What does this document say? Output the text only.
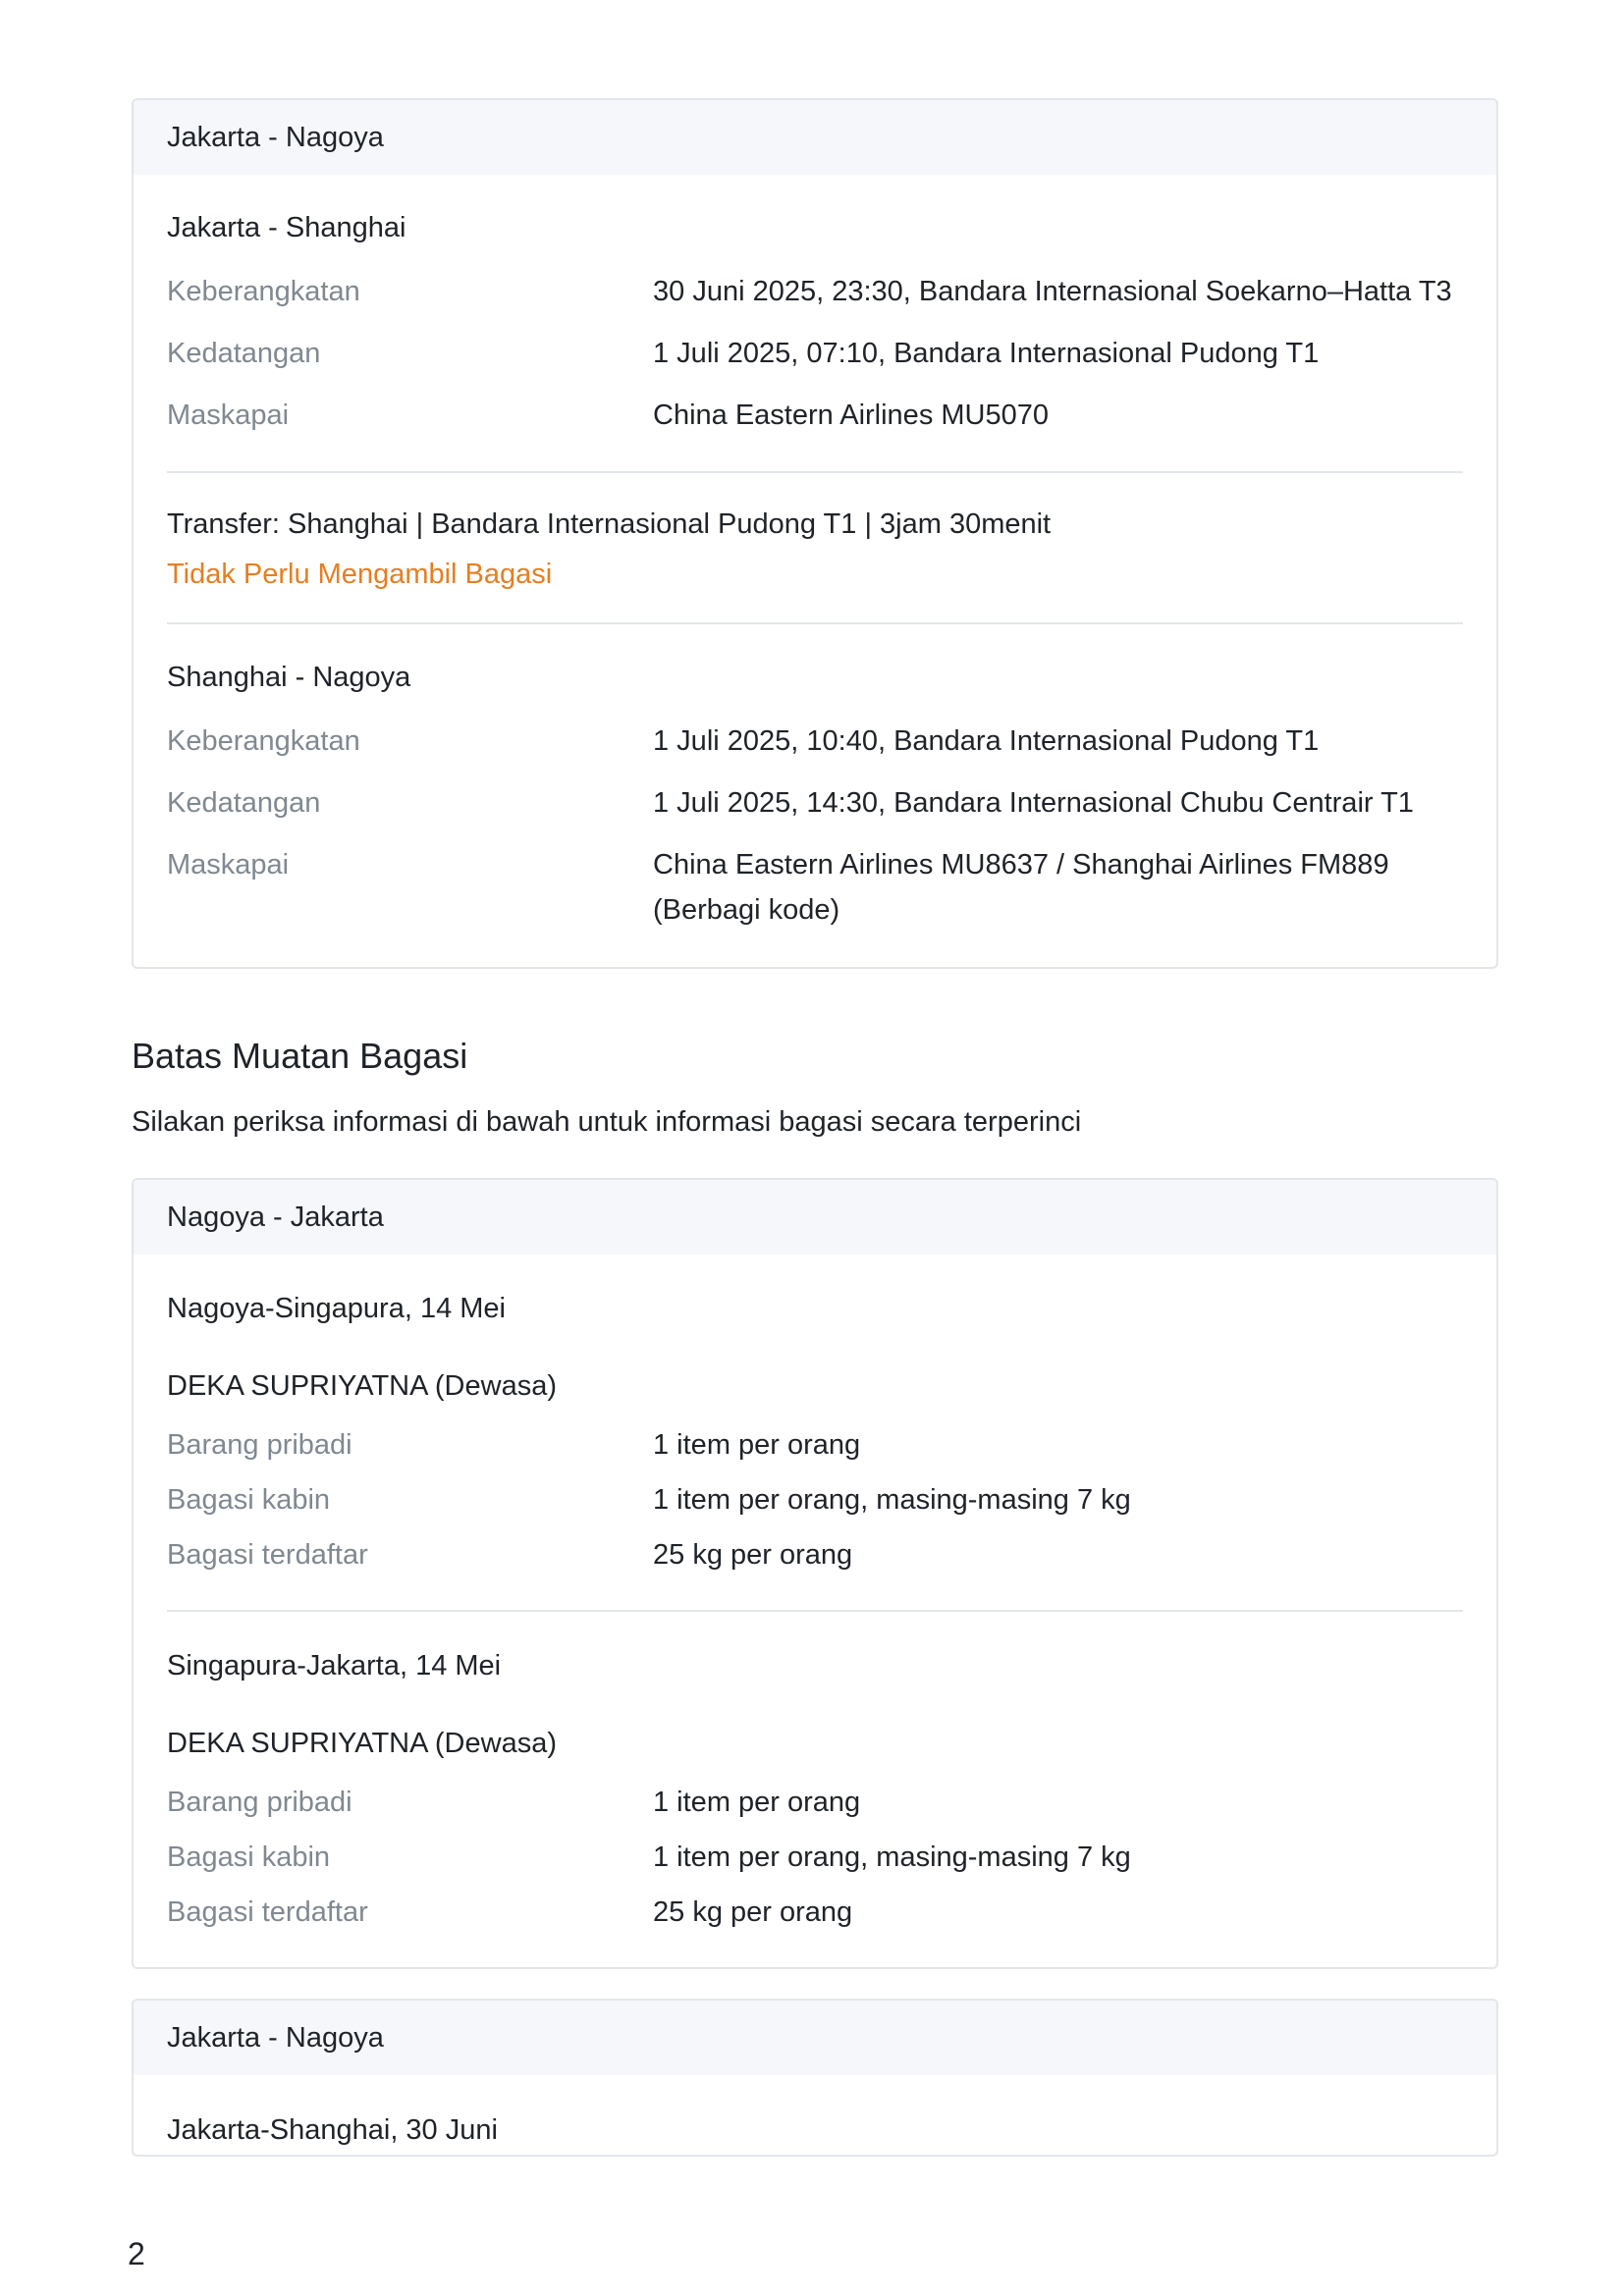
Jakarta - Nagoya
Jakarta - Shanghai
Keberangkatan	30 Juni 2025, 23:30, Bandara Internasional Soekarno–Hatta T3
Kedatangan	1 Juli 2025, 07:10, Bandara Internasional Pudong T1
Maskapai	China Eastern Airlines MU5070
Transfer: Shanghai | Bandara Internasional Pudong T1 | 3jam 30menit
Tidak Perlu Mengambil Bagasi
Shanghai - Nagoya
Keberangkatan	1 Juli 2025, 10:40, Bandara Internasional Pudong T1
Kedatangan	1 Juli 2025, 14:30, Bandara Internasional Chubu Centrair T1
Maskapai	China Eastern Airlines MU8637 / Shanghai Airlines FM889
(Berbagi kode)
Batas Muatan Bagasi
Silakan periksa informasi di bawah untuk informasi bagasi secara terperinci
Nagoya - Jakarta
Nagoya-Singapura, 14 Mei
DEKA SUPRIYATNA (Dewasa)
Barang pribadi	1 item per orang
Bagasi kabin	1 item per orang, masing-masing 7 kg
Bagasi terdaftar	25 kg per orang
Singapura-Jakarta, 14 Mei
DEKA SUPRIYATNA (Dewasa)
Barang pribadi	1 item per orang
Bagasi kabin	1 item per orang, masing-masing 7 kg
Bagasi terdaftar	25 kg per orang
Jakarta - Nagoya
Jakarta-Shanghai, 30 Juni
2
